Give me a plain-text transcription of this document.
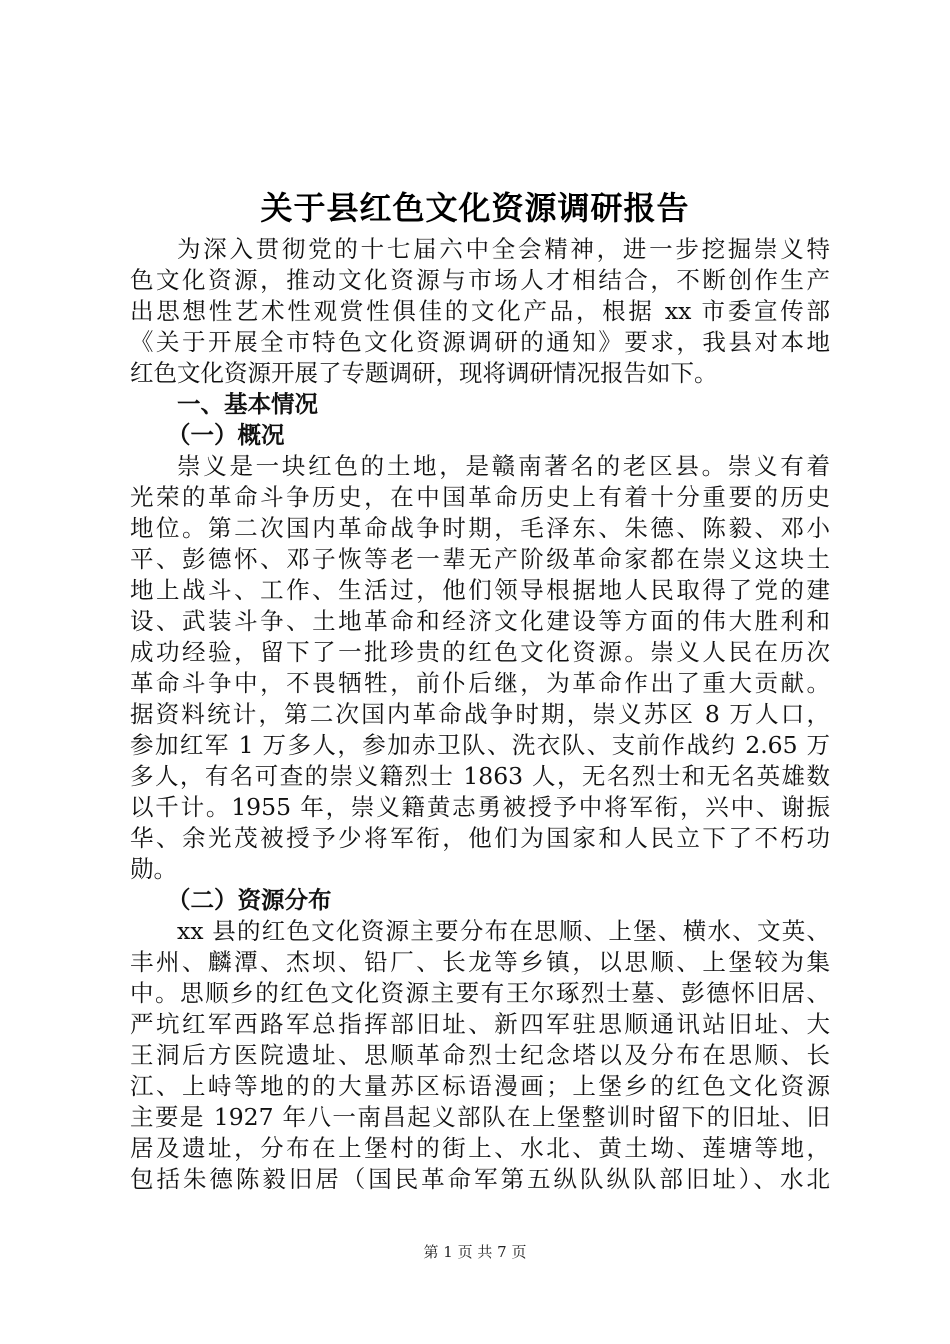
关于县红色文化资源调研报告
为深入贯彻党的十七届六中全会精神，进一步挖掘崇义特
色文化资源，推动文化资源与市场人才相结合，不断创作生产
出思想性艺术性观赏性俱佳的文化产品，根据 xx 市委宣传部
《关于开展全市特色文化资源调研的通知》要求，我县对本地
红色文化资源开展了专题调研，现将调研情况报告如下。
一、基本情况
（一）概况
崇义是一块红色的土地，是赣南著名的老区县。崇义有着
光荣的革命斗争历史，在中国革命历史上有着十分重要的历史
地位。第二次国内革命战争时期，毛泽东、朱德、陈毅、邓小
平、彭德怀、邓子恢等老一辈无产阶级革命家都在崇义这块土
地上战斗、工作、生活过，他们领导根据地人民取得了党的建
设、武装斗争、土地革命和经济文化建设等方面的伟大胜利和
成功经验，留下了一批珍贵的红色文化资源。崇义人民在历次
革命斗争中，不畏牺牲，前仆后继，为革命作出了重大贡献。
据资料统计，第二次国内革命战争时期，崇义苏区 8 万人口，
参加红军 1 万多人，参加赤卫队、洗衣队、支前作战约 2.65 万
多人，有名可查的崇义籍烈士 1863 人，无名烈士和无名英雄数
以千计。1955 年，崇义籍黄志勇被授予中将军衔，兴中、谢振
华、余光茂被授予少将军衔，他们为国家和人民立下了不朽功
勋。
（二）资源分布
xx 县的红色文化资源主要分布在思顺、上堡、横水、文英、
丰州、麟潭、杰坝、铅厂、长龙等乡镇，以思顺、上堡较为集
中。思顺乡的红色文化资源主要有王尔琢烈士墓、彭德怀旧居、
严坑红军西路军总指挥部旧址、新四军驻思顺通讯站旧址、大
王洞后方医院遗址、思顺革命烈士纪念塔以及分布在思顺、长
江、上峙等地的的大量苏区标语漫画；上堡乡的红色文化资源
主要是 1927 年八一南昌起义部队在上堡整训时留下的旧址、旧
居及遗址，分布在上堡村的街上、水北、黄土坳、莲塘等地，
包括朱德陈毅旧居（国民革命军第五纵队纵队部旧址）、水北
第 1 页 共 7 页
